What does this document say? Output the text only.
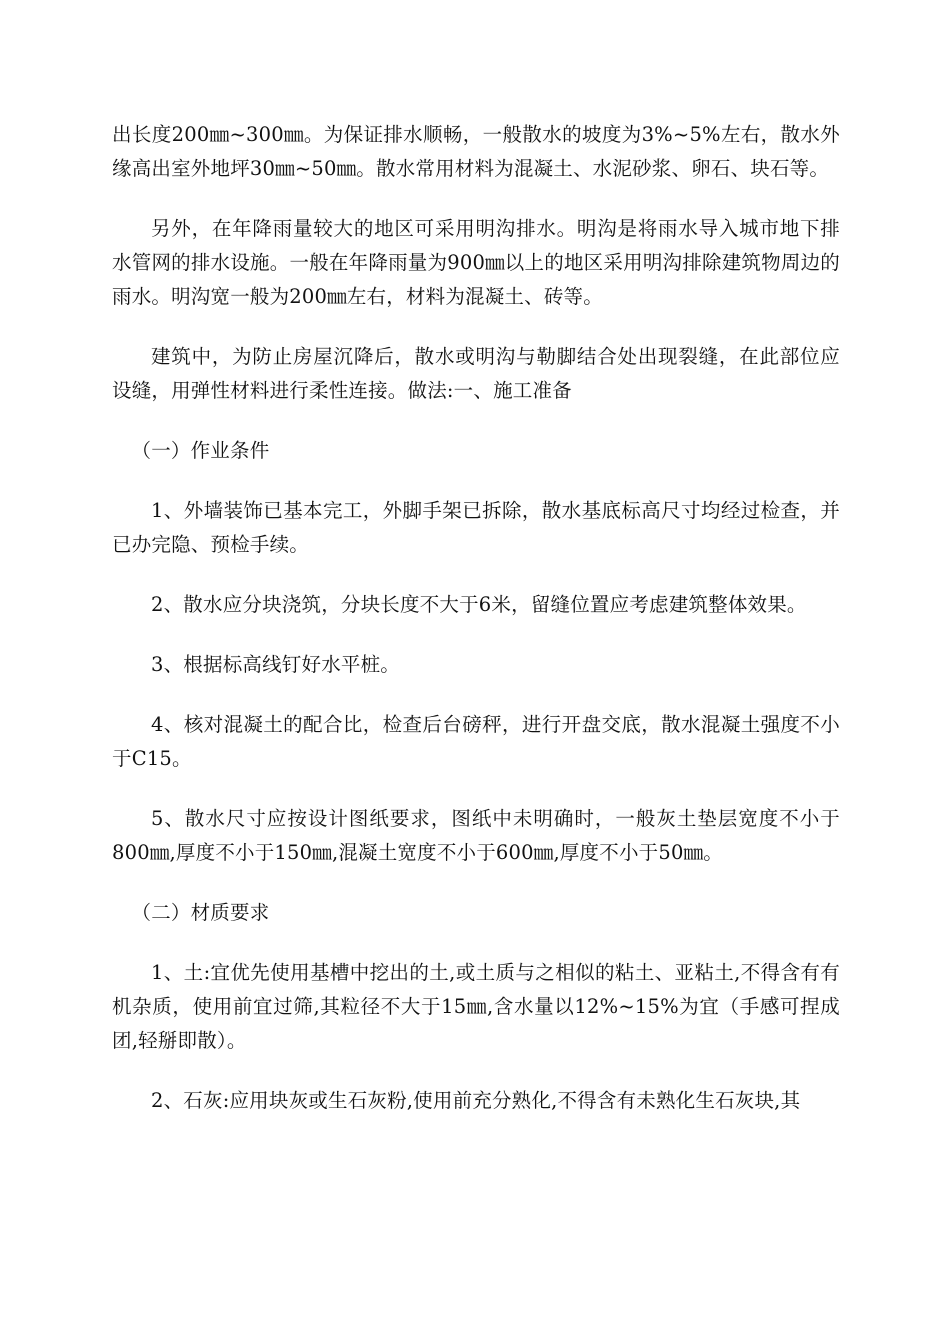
出长度200㎜~300㎜。为保证排水顺畅，一般散水的坡度为3%~5%左右，散水外缘高出室外地坪30㎜~50㎜。散水常用材料为混凝土、水泥砂浆、卵石、块石等。

另外，在年降雨量较大的地区可采用明沟排水。明沟是将雨水导入城市地下排水管网的排水设施。一般在年降雨量为900㎜以上的地区采用明沟排除建筑物周边的雨水。明沟宽一般为200㎜左右，材料为混凝土、砖等。

建筑中，为防止房屋沉降后，散水或明沟与勒脚结合处出现裂缝，在此部位应设缝，用弹性材料进行柔性连接。做法:一、施工准备

（一）作业条件

1、外墙装饰已基本完工，外脚手架已拆除，散水基底标高尺寸均经过检查，并已办完隐、预检手续。

2、散水应分块浇筑，分块长度不大于6米，留缝位置应考虑建筑整体效果。

3、根据标高线钉好水平桩。

4、核对混凝土的配合比，检查后台磅秤，进行开盘交底，散水混凝土强度不小于C15。

5、散水尺寸应按设计图纸要求，图纸中未明确时，一般灰土垫层宽度不小于800㎜,厚度不小于150㎜,混凝土宽度不小于600㎜,厚度不小于50㎜。

（二）材质要求

1、土:宜优先使用基槽中挖出的土,或土质与之相似的粘土、亚粘土,不得含有有机杂质，使用前宜过筛,其粒径不大于15㎜,含水量以12%~15%为宜（手感可捏成团,轻掰即散）。

2、石灰:应用块灰或生石灰粉,使用前充分熟化,不得含有未熟化生石灰块,其
